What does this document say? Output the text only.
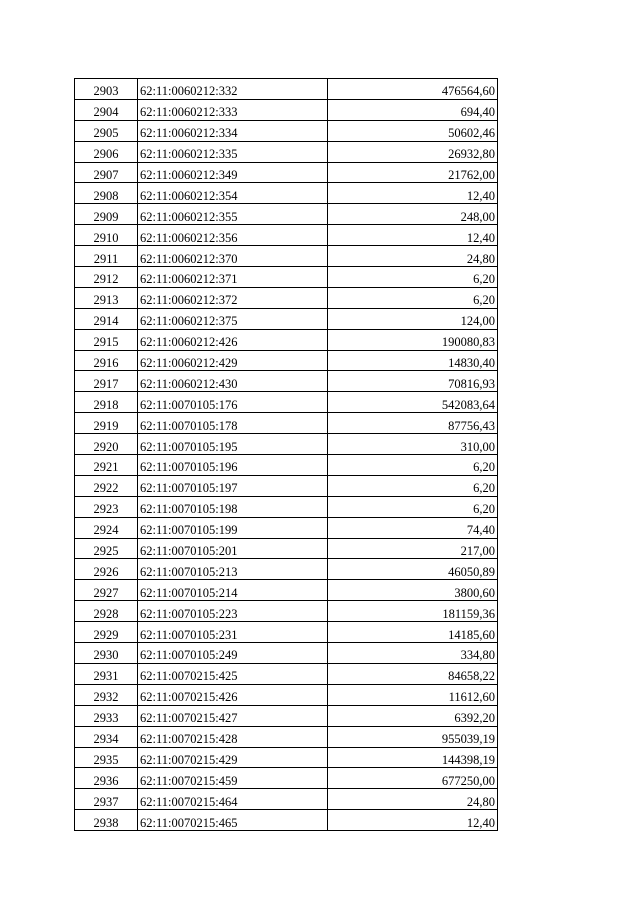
2903	62:11:0060212:332	476564,60
2904	62:11:0060212:333	694,40
2905	62:11:0060212:334	50602,46
2906	62:11:0060212:335	26932,80
2907	62:11:0060212:349	21762,00
2908	62:11:0060212:354	12,40
2909	62:11:0060212:355	248,00
2910	62:11:0060212:356	12,40
2911	62:11:0060212:370	24,80
2912	62:11:0060212:371	6,20
2913	62:11:0060212:372	6,20
2914	62:11:0060212:375	124,00
2915	62:11:0060212:426	190080,83
2916	62:11:0060212:429	14830,40
2917	62:11:0060212:430	70816,93
2918	62:11:0070105:176	542083,64
2919	62:11:0070105:178	87756,43
2920	62:11:0070105:195	310,00
2921	62:11:0070105:196	6,20
2922	62:11:0070105:197	6,20
2923	62:11:0070105:198	6,20
2924	62:11:0070105:199	74,40
2925	62:11:0070105:201	217,00
2926	62:11:0070105:213	46050,89
2927	62:11:0070105:214	3800,60
2928	62:11:0070105:223	181159,36
2929	62:11:0070105:231	14185,60
2930	62:11:0070105:249	334,80
2931	62:11:0070215:425	84658,22
2932	62:11:0070215:426	11612,60
2933	62:11:0070215:427	6392,20
2934	62:11:0070215:428	955039,19
2935	62:11:0070215:429	144398,19
2936	62:11:0070215:459	677250,00
2937	62:11:0070215:464	24,80
2938	62:11:0070215:465	12,40
